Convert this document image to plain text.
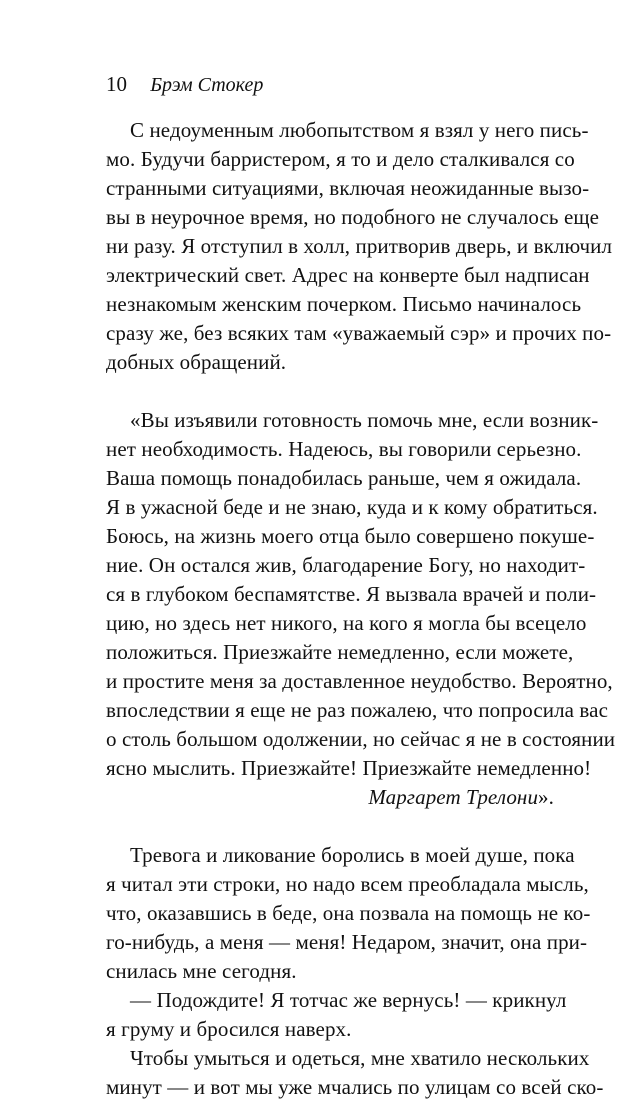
10 Брэм Стокер
С недоуменным любопытством я взял у него пись-
мо. Будучи барристером, я то и дело сталкивался со
странными ситуациями, включая неожиданные вызо-
вы в неурочное время, но подобного не случалось еще
ни разу. Я отступил в холл, притворив дверь, и включил
электрический свет. Адрес на конверте был надписан
незнакомым женским почерком. Письмо начиналось
сразу же, без всяких там «уважаемый сэр» и прочих по-
добных обращений.
«Вы изъявили готовность помочь мне, если возник-
нет необходимость. Надеюсь, вы говорили серьезно.
Ваша помощь понадобилась раньше, чем я ожидала.
Я в ужасной беде и не знаю, куда и к кому обратиться.
Боюсь, на жизнь моего отца было совершено покуше-
ние. Он остался жив, благодарение Богу, но находит-
ся в глубоком беспамятстве. Я вызвала врачей и поли-
цию, но здесь нет никого, на кого я могла бы всецело
положиться. Приезжайте немедленно, если можете,
и простите меня за доставленное неудобство. Вероятно,
впоследствии я еще не раз пожалею, что попросила вас
о столь большом одолжении, но сейчас я не в состоянии
ясно мыслить. Приезжайте! Приезжайте немедленно!
Маргарет Трелони».
Тревога и ликование боролись в моей душе, пока
я читал эти строки, но надо всем преобладала мысль,
что, оказавшись в беде, она позвала на помощь не ко-
го-нибудь, а меня — меня! Недаром, значит, она при-
снилась мне сегодня.
— Подождите! Я тотчас же вернусь! — крикнул
я груму и бросился наверх.
Чтобы умыться и одеться, мне хватило нескольких
минут — и вот мы уже мчались по улицам со всей ско-
